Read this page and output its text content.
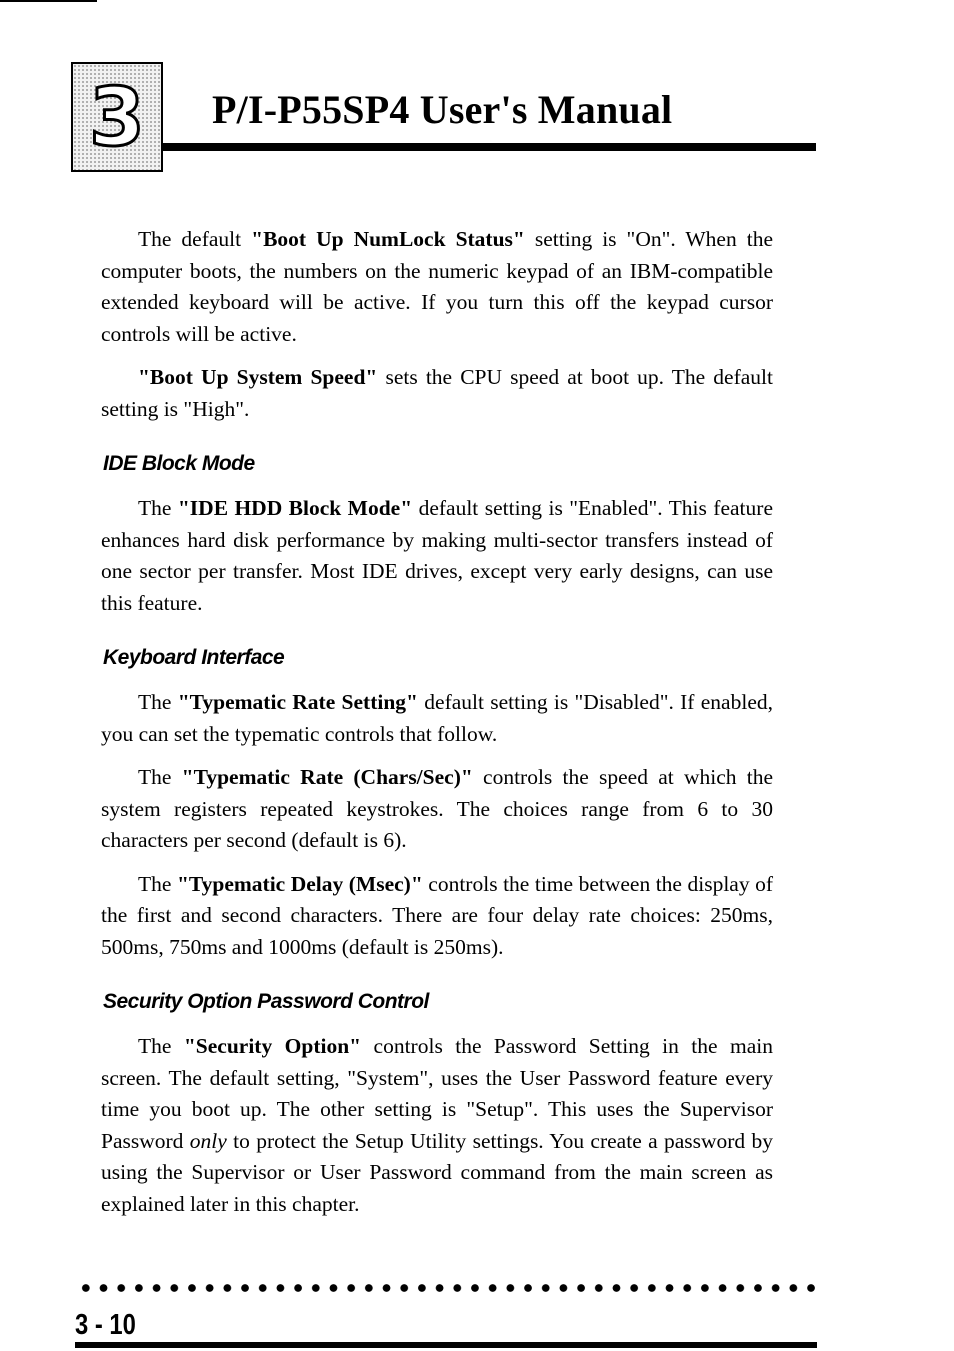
3	P/I-P55SP4 User's Manual

The default "Boot Up NumLock Status" setting is "On". When the computer boots, the numbers on the numeric keypad of an IBM-compatible extended keyboard will be active. If you turn this off the keypad cursor controls will be active.

"Boot Up System Speed" sets the CPU speed at boot up. The default setting is "High".

IDE Block Mode

The "IDE HDD Block Mode" default setting is "Enabled". This feature enhances hard disk performance by making multi-sector transfers instead of one sector per transfer. Most IDE drives, except very early designs, can use this feature.

Keyboard Interface

The "Typematic Rate Setting" default setting is "Disabled". If enabled, you can set the typematic controls that follow.

The "Typematic Rate (Chars/Sec)" controls the speed at which the system registers repeated keystrokes. The choices range from 6 to 30 characters per second (default is 6).

The "Typematic Delay (Msec)" controls the time between the display of the first and second characters. There are four delay rate choices: 250ms, 500ms, 750ms and 1000ms (default is 250ms).

Security Option Password Control

The "Security Option" controls the Password Setting in the main screen. The default setting, "System", uses the User Password feature every time you boot up. The other setting is "Setup". This uses the Supervisor Password only to protect the Setup Utility settings. You create a password by using the Supervisor or User Password command from the main screen as explained later in this chapter.

3 - 10
